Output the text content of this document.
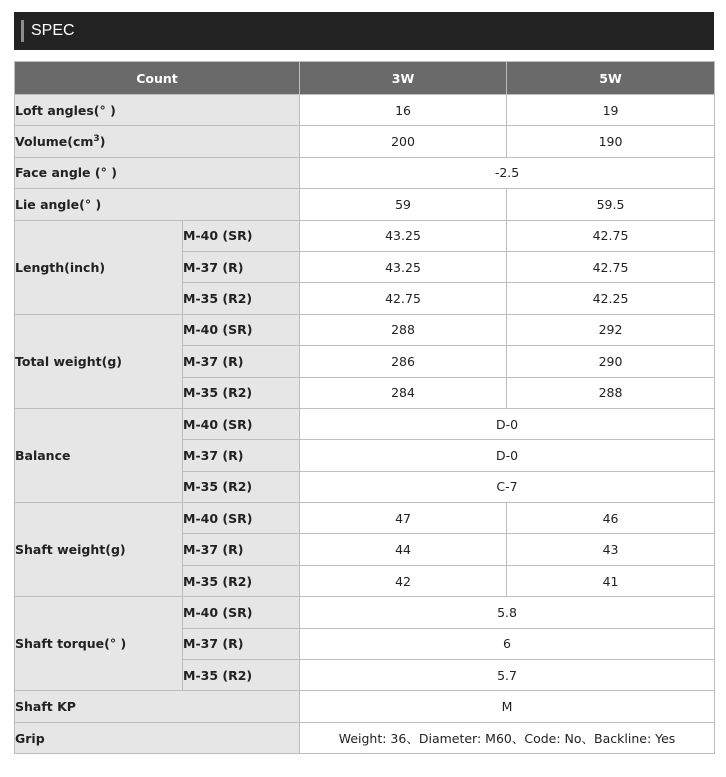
SPEC
Count		3W	5W
Loft angles(° )		16	19
$Volume(cm^3)$		200	190
Face angle (° )		-2.5	
Lie angle(° )		59	59.5
Length(inch)	M-40 (SR)	43.25	42.75
	M-37 (R)	43.25	42.75
	M-35 (R2)	42.75	42.25
Total weight(g)	M-40 (SR)	288	292
	M-37 (R)	286	290
	M-35 (R2)	284	288
Balance	M-40 (SR)	D-0	
	M-37 (R)	D-0	
	M-35 (R2)	C-7	
Shaft weight(g)	M-40 (SR)	47	46
	M-37 (R)	44	43
	M-35 (R2)	42	41
Shaft torque(° )	M-40 (SR)	5.8	
	M-37 (R)	6	
	M-35 (R2)	5.7	
Shaft KP		M	
Grip		Weight: 36、Diameter: M60、Code: No、Backline: Yes	
